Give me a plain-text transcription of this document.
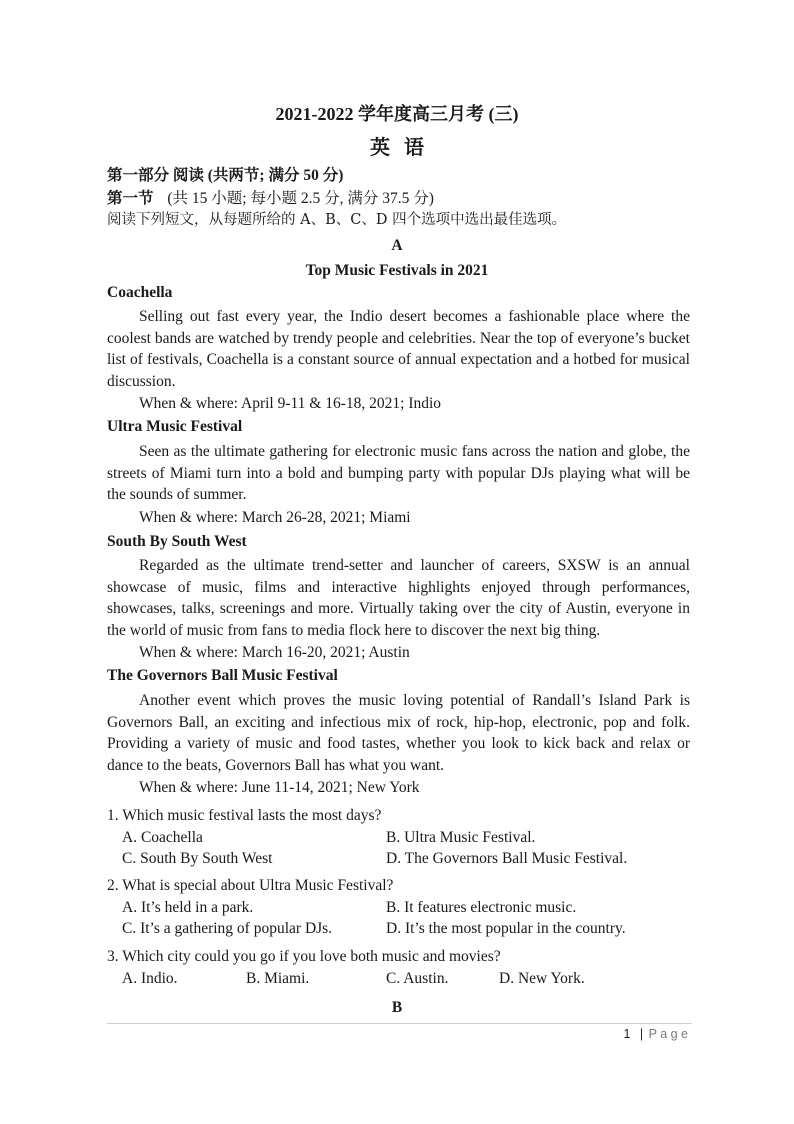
2021-2022 学年度高三月考 (三)
英语
第一部分 阅读 (共两节; 满分 50 分)
第一节 (共 15 小题; 每小题 2.5 分, 满分 37.5 分)
阅读下列短文，从每题所给的 A、B、C、D 四个选项中选出最佳选项。
A
Top Music Festivals in 2021
Coachella

Selling out fast every year, the Indio desert becomes a fashionable place where the coolest bands are watched by trendy people and celebrities. Near the top of everyone’s bucket list of festivals, Coachella is a constant source of annual expectation and a hotbed for musical discussion.

When & where: April 9-11 & 16-18, 2021; Indio
Ultra Music Festival

Seen as the ultimate gathering for electronic music fans across the nation and globe, the streets of Miami turn into a bold and bumping party with popular DJs playing what will be the sounds of summer.

When & where: March 26-28, 2021; Miami
South By South West

Regarded as the ultimate trend-setter and launcher of careers, SXSW is an annual showcase of music, films and interactive highlights enjoyed through performances, showcases, talks, screenings and more. Virtually taking over the city of Austin, everyone in the world of music from fans to media flock here to discover the next big thing.

When & where: March 16-20, 2021; Austin
The Governors Ball Music Festival

Another event which proves the music loving potential of Randall’s Island Park is Governors Ball, an exciting and infectious mix of rock, hip-hop, electronic, pop and folk. Providing a variety of music and food tastes, whether you look to kick back and relax or dance to the beats, Governors Ball has what you want.

When & where: June 11-14, 2021; New York
1. Which music festival lasts the most days?
A. Coachella	B. Ultra Music Festival.
C. South By South West	D. The Governors Ball Music Festival.
2. What is special about Ultra Music Festival?
A. It’s held in a park.	B. It features electronic music.
C. It’s a gathering of popular DJs.	D. It’s the most popular in the country.
3. Which city could you go if you love both music and movies?
A. Indio.	B. Miami.	C. Austin.	D. New York.
B
1 | P a g e
